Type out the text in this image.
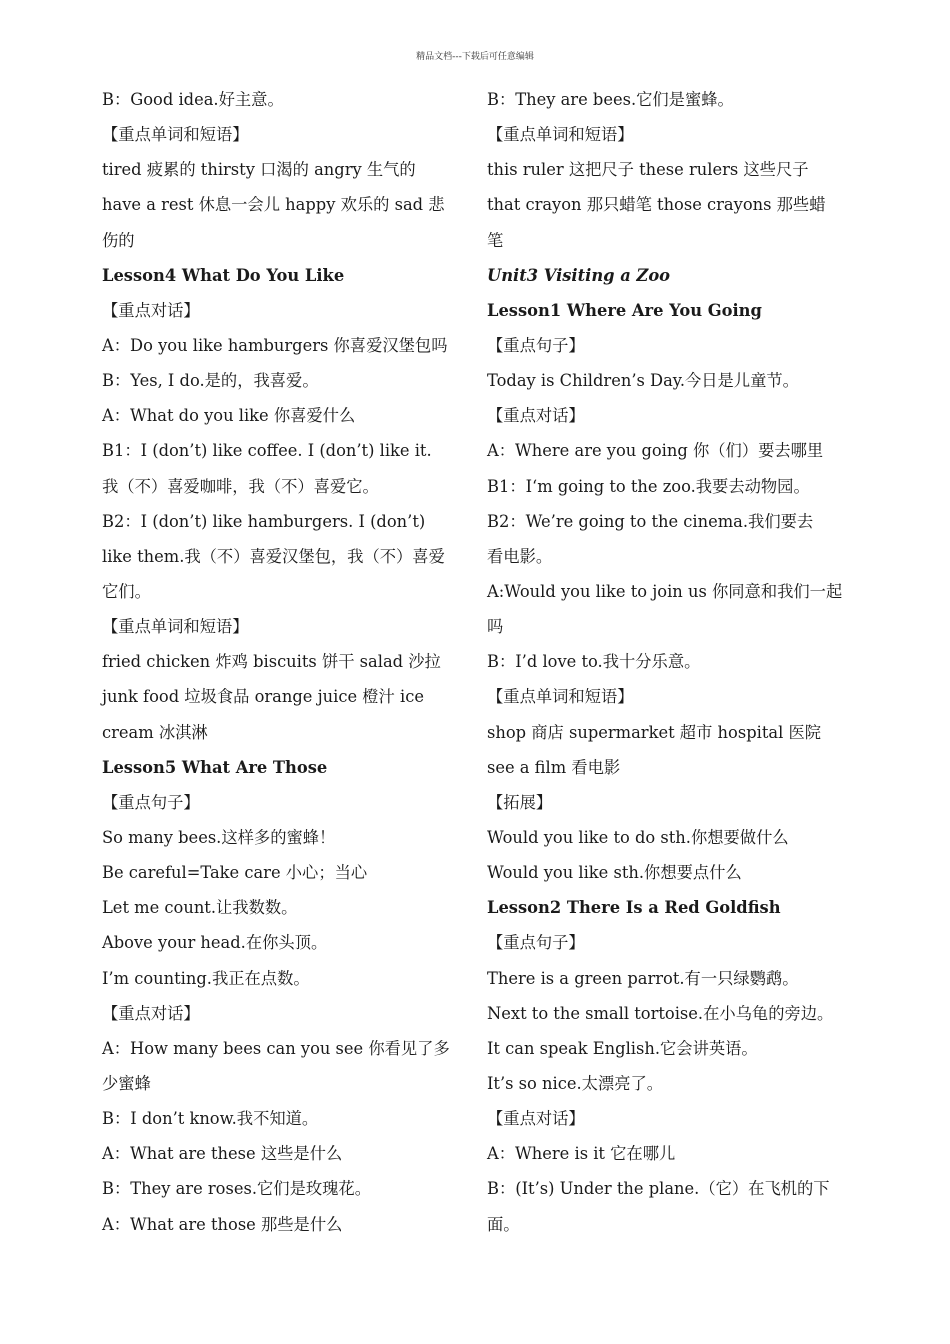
精品文档---下载后可任意编辑
B：Good idea.好主意。
【重点单词和短语】
tired 疲累的 thirsty 口渴的 angry 生气的
have a rest 休息一会儿 happy 欢乐的 sad 悲
伤的
Lesson4 What Do You Like
【重点对话】
A：Do you like hamburgers 你喜爱汉堡包吗
B：Yes, I do.是的，我喜爱。
A：What do you like 你喜爱什么
B1：I (don’t) like coffee. I (don’t) like it.
我（不）喜爱咖啡，我（不）喜爱它。
B2：I (don’t) like hamburgers. I (don’t)
like them.我（不）喜爱汉堡包，我（不）喜爱
它们。
【重点单词和短语】
fried chicken 炸鸡 biscuits 饼干 salad 沙拉
junk food 垃圾食品 orange juice 橙汁 ice
cream 冰淇淋
Lesson5 What Are Those
【重点句子】
So many bees.这样多的蜜蜂！
Be careful=Take care 小心；当心
Let me count.让我数数。
Above your head.在你头顶。
I’m counting.我正在点数。
【重点对话】
A：How many bees can you see 你看见了多
少蜜蜂
B：I don’t know.我不知道。
A：What are these 这些是什么
B：They are roses.它们是玫瑰花。
A：What are those 那些是什么
B：They are bees.它们是蜜蜂。
【重点单词和短语】
this ruler 这把尺子 these rulers 这些尺子
that crayon 那只蜡笔 those crayons 那些蜡
笔
Unit3 Visiting a Zoo
Lesson1 Where Are You Going
【重点句子】
Today is Children’s Day.今日是儿童节。
【重点对话】
A：Where are you going 你（们）要去哪里
B1：I‘m going to the zoo.我要去动物园。
B2：We’re going to the cinema.我们要去
看电影。
A:Would you like to join us 你同意和我们一起
吗
B：I’d love to.我十分乐意。
【重点单词和短语】
shop 商店 supermarket 超市 hospital 医院
see a film 看电影
【拓展】
Would you like to do sth.你想要做什么
Would you like sth.你想要点什么
Lesson2 There Is a Red Goldfish
【重点句子】
There is a green parrot.有一只绿鹦鹉。
Next to the small tortoise.在小乌龟的旁边。
It can speak English.它会讲英语。
It’s so nice.太漂亮了。
【重点对话】
A：Where is it 它在哪儿
B：(It’s) Under the plane.（它）在飞机的下
面。
